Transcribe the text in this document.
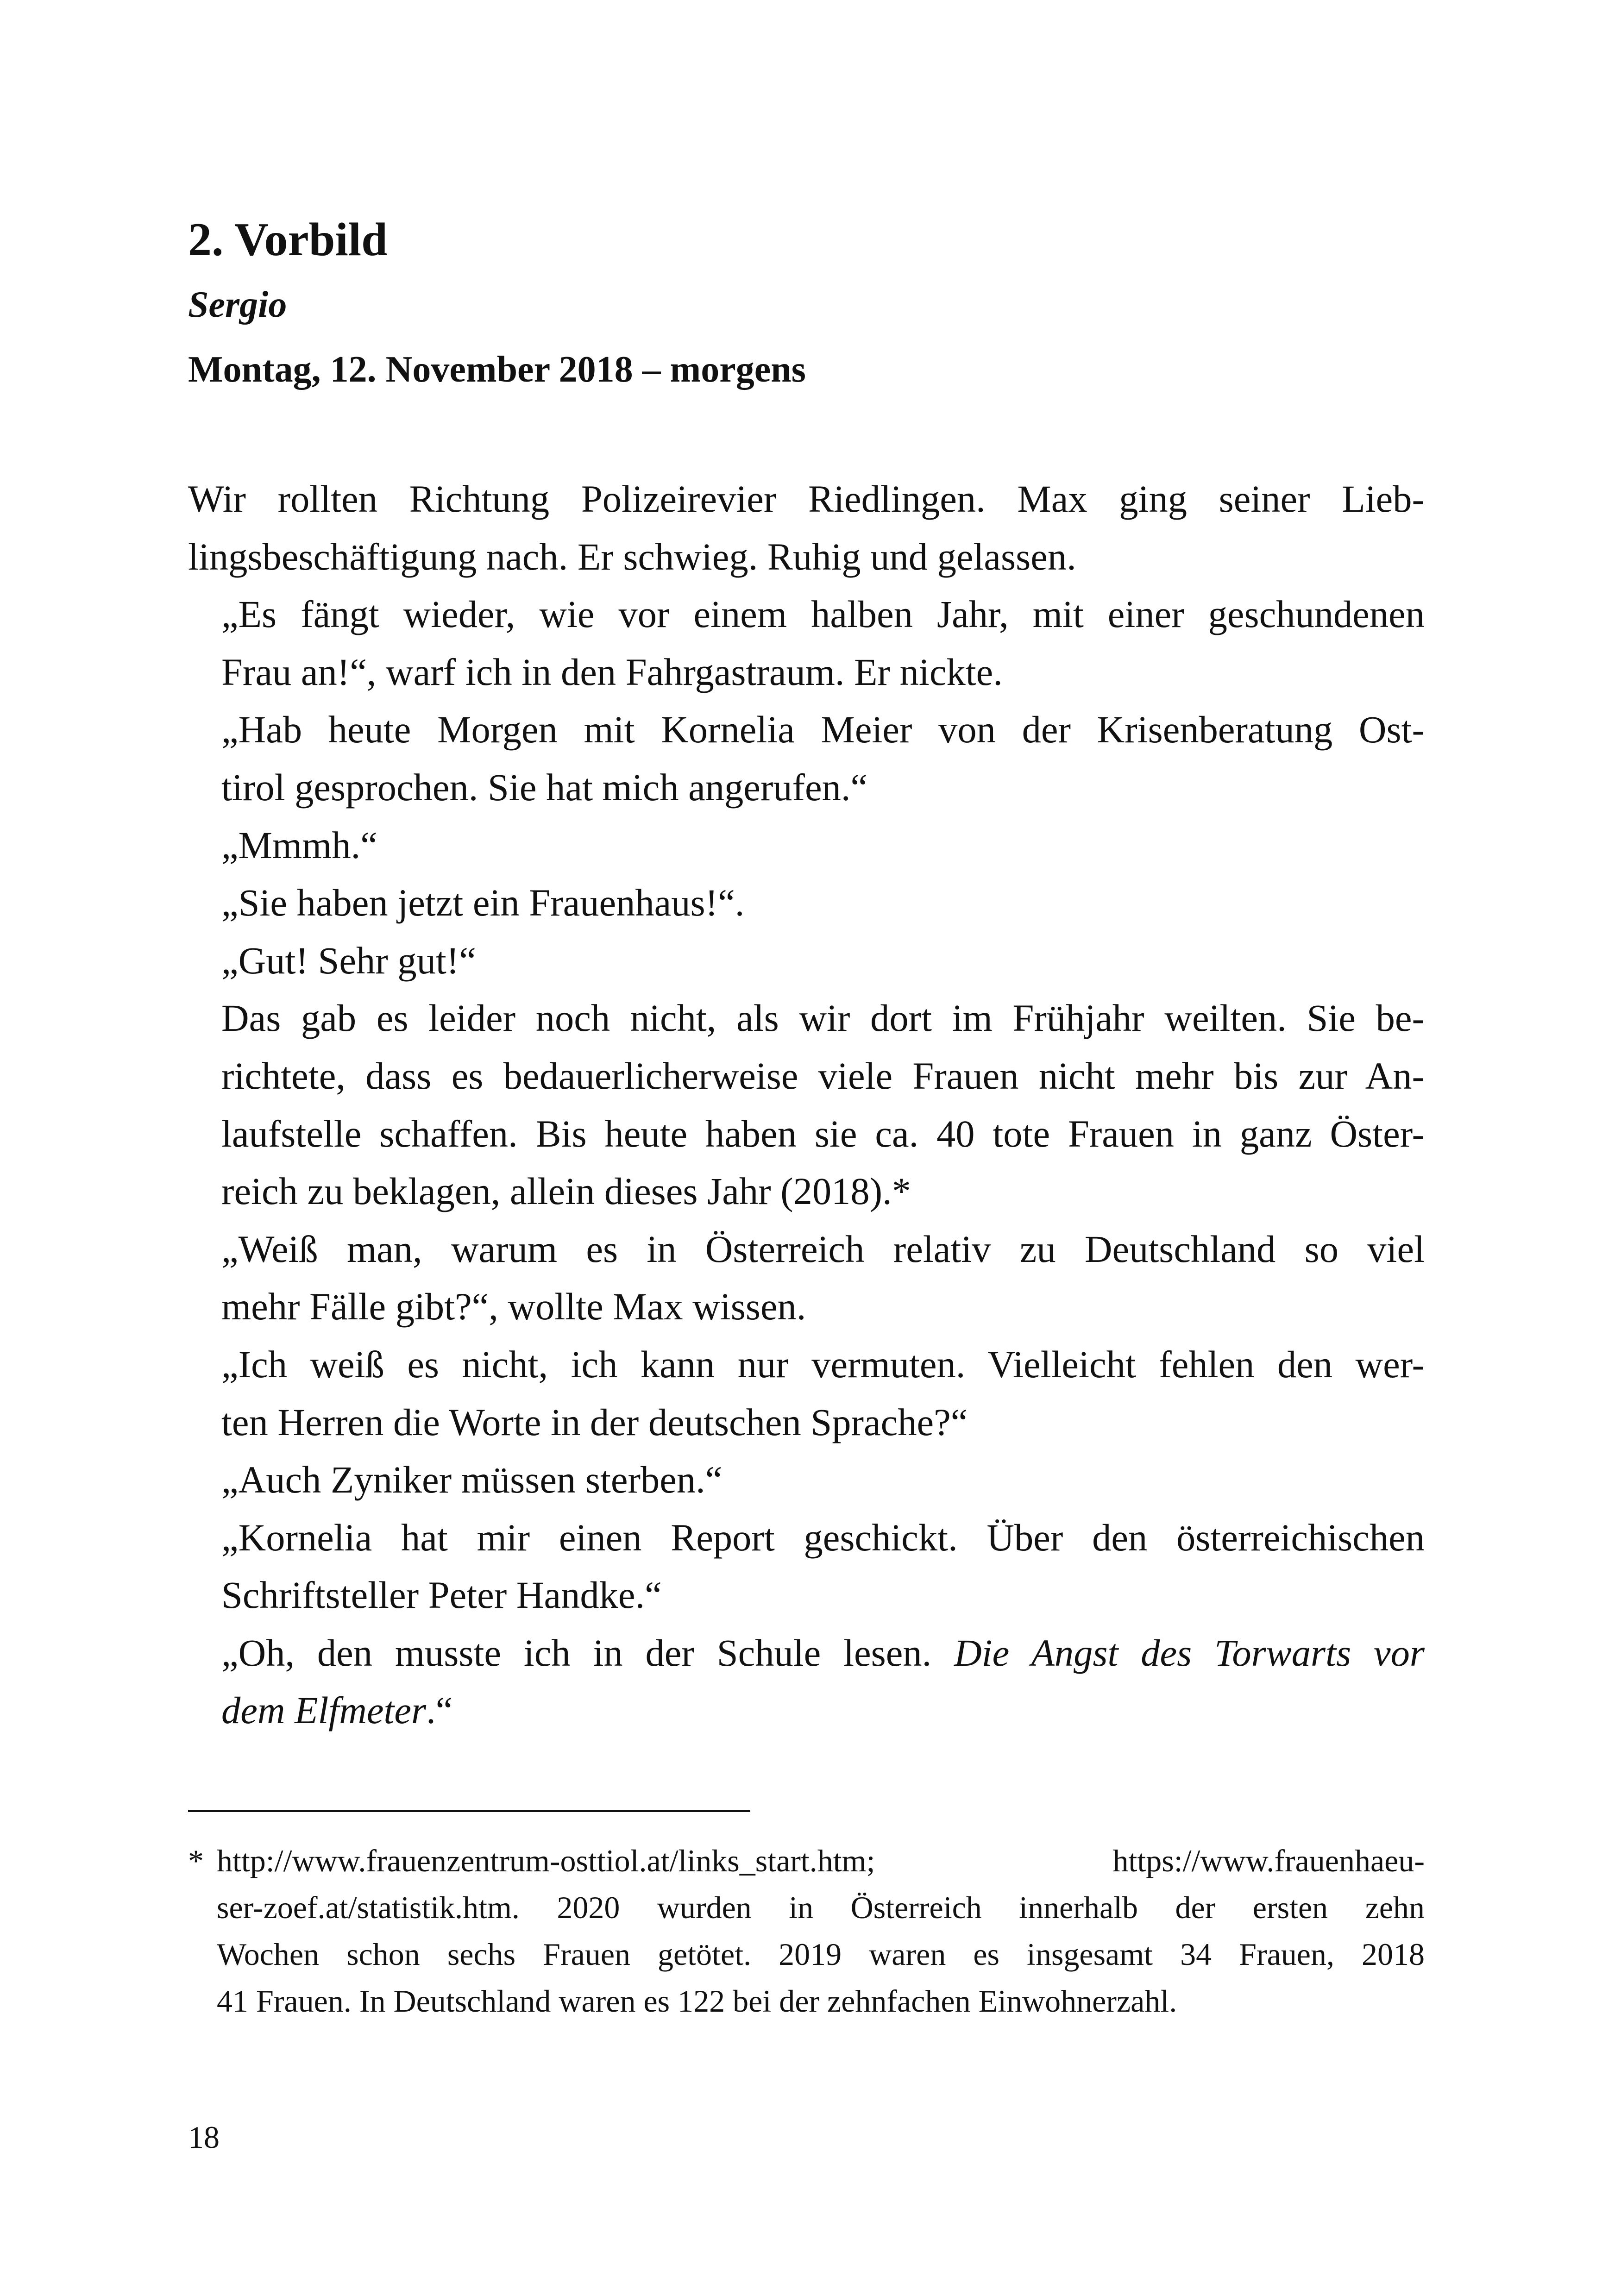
2. Vorbild

Sergio

Montag, 12. November 2018 – morgens

Wir rollten Richtung Polizeirevier Riedlingen. Max ging seiner Lieb-
lingsbeschäftigung nach. Er schwieg. Ruhig und gelassen.

„Es fängt wieder, wie vor einem halben Jahr, mit einer geschundenen
Frau an!“, warf ich in den Fahrgastraum. Er nickte.

„Hab heute Morgen mit Kornelia Meier von der Krisenberatung Ost-
tirol gesprochen. Sie hat mich angerufen.“

„Mmmh.“

„Sie haben jetzt ein Frauenhaus!“.

„Gut! Sehr gut!“

Das gab es leider noch nicht, als wir dort im Frühjahr weilten. Sie be-
richtete, dass es bedauerlicherweise viele Frauen nicht mehr bis zur An-
laufstelle schaffen. Bis heute haben sie ca. 40 tote Frauen in ganz Öster-
reich zu beklagen, allein dieses Jahr (2018).*

„Weiß man, warum es in Österreich relativ zu Deutschland so viel
mehr Fälle gibt?“, wollte Max wissen.

„Ich weiß es nicht, ich kann nur vermuten. Vielleicht fehlen den wer-
ten Herren die Worte in der deutschen Sprache?“

„Auch Zyniker müssen sterben.“

„Kornelia hat mir einen Report geschickt. Über den österreichischen
Schriftsteller Peter Handke.“

„Oh, den musste ich in der Schule lesen. Die Angst des Torwarts vor
dem Elfmeter.“

* http://www.frauenzentrum-osttiol.at/links_start.htm; https://www.frauenhaeu-
ser-zoef.at/statistik.htm. 2020 wurden in Österreich innerhalb der ersten zehn
Wochen schon sechs Frauen getötet. 2019 waren es insgesamt 34 Frauen, 2018
41 Frauen. In Deutschland waren es 122 bei der zehnfachen Einwohnerzahl.
18
